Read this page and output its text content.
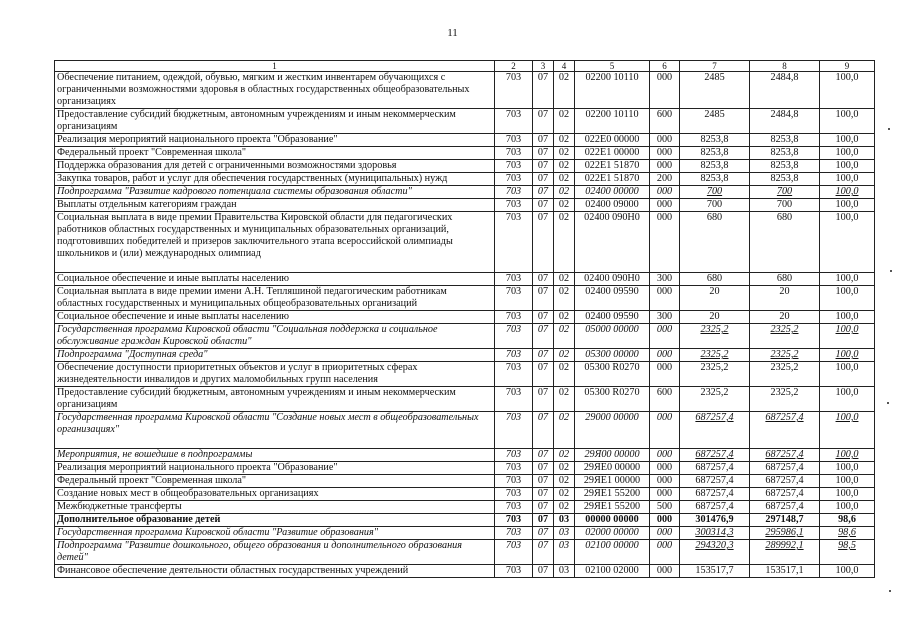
11
1	2	3	4	5	6	7	8	9
Обеспечение питанием, одеждой, обувью, мягким и жестким инвентарем обучающихся с ограниченными возможностями здоровья в областных государственных общеобразовательных организациях	703	07	02	02200 10110	000	2485	2484,8	100,0
Предоставление субсидий бюджетным, автономным учреждениям и иным некоммерческим организациям	703	07	02	02200 10110	600	2485	2484,8	100,0
Реализация мероприятий национального проекта "Образование"	703	07	02	022Е0 00000	000	8253,8	8253,8	100,0
Федеральный проект "Современная школа"	703	07	02	022Е1 00000	000	8253,8	8253,8	100,0
Поддержка образования для детей с ограниченными возможностями здоровья	703	07	02	022Е1 51870	000	8253,8	8253,8	100,0
Закупка товаров, работ и услуг для обеспечения государственных (муниципальных) нужд	703	07	02	022Е1 51870	200	8253,8	8253,8	100,0
Подпрограмма "Развитие кадрового потенциала системы образования области"	703	07	02	02400 00000	000	700	700	100,0
Выплаты отдельным категориям граждан	703	07	02	02400 09000	000	700	700	100,0
Социальная выплата в виде премии Правительства Кировской области для педагогических работников областных государственных и муниципальных образовательных организаций, подготовивших победителей и призеров заключительного этапа всероссийской олимпиады школьников и (или) международных олимпиад	703	07	02	02400 090Н0	000	680	680	100,0
Социальное обеспечение и иные выплаты населению	703	07	02	02400 090Н0	300	680	680	100,0
Социальная выплата в виде премии имени А.Н. Тепляшиной педагогическим работникам областных государственных и муниципальных общеобразовательных организаций	703	07	02	02400 09590	000	20	20	100,0
Социальное обеспечение и иные выплаты населению	703	07	02	02400 09590	300	20	20	100,0
Государственная программа Кировской области "Социальная поддержка и социальное обслуживание граждан Кировской области"	703	07	02	05000 00000	000	2325,2	2325,2	100,0
Подпрограмма "Доступная среда"	703	07	02	05300 00000	000	2325,2	2325,2	100,0
Обеспечение доступности приоритетных объектов и услуг в приоритетных сферах жизнедеятельности инвалидов и других маломобильных групп населения	703	07	02	05300 R0270	000	2325,2	2325,2	100,0
Предоставление субсидий бюджетным, автономным учреждениям и иным некоммерческим организациям	703	07	02	05300 R0270	600	2325,2	2325,2	100,0
Государственная программа Кировской области "Создание новых мест в общеобразовательных организациях"	703	07	02	29000 00000	000	687257,4	687257,4	100,0
Мероприятия, не вошедшие в подпрограммы	703	07	02	29Я00 00000	000	687257,4	687257,4	100,0
Реализация мероприятий национального проекта "Образование"	703	07	02	29ЯЕ0 00000	000	687257,4	687257,4	100,0
Федеральный проект "Современная школа"	703	07	02	29ЯЕ1 00000	000	687257,4	687257,4	100,0
Создание новых мест в общеобразовательных организациях	703	07	02	29ЯЕ1 55200	000	687257,4	687257,4	100,0
Межбюджетные трансферты	703	07	02	29ЯЕ1 55200	500	687257,4	687257,4	100,0
Дополнительное образование детей	703	07	03	00000 00000	000	301476,9	297148,7	98,6
Государственная программа Кировской области "Развитие образования"	703	07	03	02000 00000	000	300314,3	295986,1	98,6
Подпрограмма "Развитие дошкольного, общего образования и дополнительного образования детей"	703	07	03	02100 00000	000	294320,3	289992,1	98,5
Финансовое обеспечение деятельности областных государственных учреждений	703	07	03	02100 02000	000	153517,7	153517,1	100,0
